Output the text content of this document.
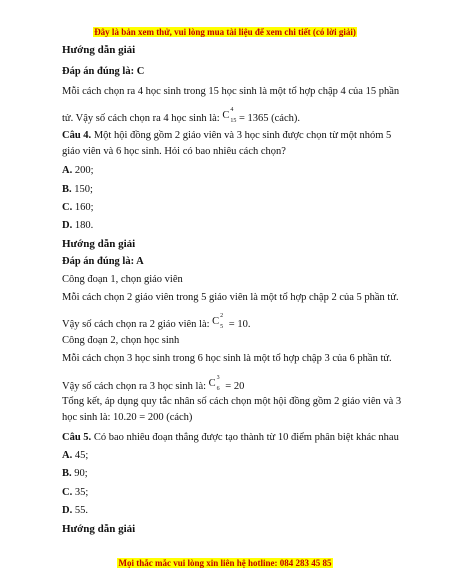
Đây là bản xem thử, vui lòng mua tài liệu để xem chi tiết (có lời giải)
Hướng dẫn giải
Đáp án đúng là: C
Mỗi cách chọn ra 4 học sinh trong 15 học sinh là một tổ hợp chập 4 của 15 phần
tử. Vậy số cách chọn ra 4 học sinh là: C 4
15 = 1365 (cách).
Câu 4. Một hội đồng gồm 2 giáo viên và 3 học sinh được chọn từ một nhóm 5 giáo viên và 6 học sinh. Hỏi có bao nhiêu cách chọn?
A. 200;
B. 150;
C. 160;
D. 180.
Hướng dẫn giải
Đáp án đúng là: A
Công đoạn 1, chọn giáo viên
Mỗi cách chọn 2 giáo viên trong 5 giáo viên là một tổ hợp chập 2 của 5 phần tử.
Vậy số cách chọn ra 2 giáo viên là: C 2
5 = 10.
Công đoạn 2, chọn học sinh
Mỗi cách chọn 3 học sinh trong 6 học sinh là một tổ hợp chập 3 của 6 phần tử.
Vậy số cách chọn ra 3 học sinh là: C 3
6 = 20
Tổng kết, áp dụng quy tắc nhân số cách chọn một hội đồng gồm 2 giáo viên và 3 học sinh là: 10.20 = 200 (cách)
Câu 5. Có bao nhiêu đoạn thẳng được tạo thành từ 10 điểm phân biệt khác nhau
A. 45;
B. 90;
C. 35;
D. 55.
Hướng dẫn giải
Mọi thắc mắc vui lòng xin liên hệ hotline: 084 283 45 85
